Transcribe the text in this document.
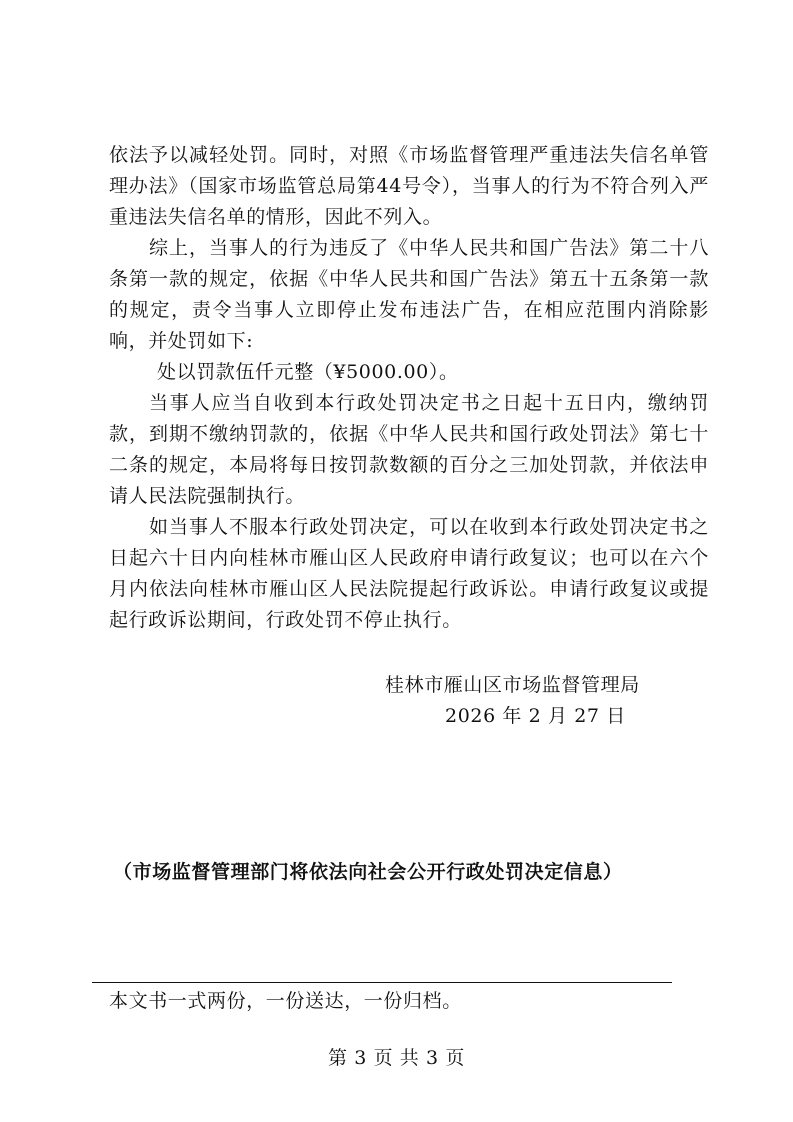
依法予以减轻处罚。同时，对照《市场监督管理严重违法失信名单管理办法》（国家市场监管总局第44号令），当事人的行为不符合列入严重违法失信名单的情形，因此不列入。

综上，当事人的行为违反了《中华人民共和国广告法》第二十八条第一款的规定，依据《中华人民共和国广告法》第五十五条第一款的规定，责令当事人立即停止发布违法广告，在相应范围内消除影响，并处罚如下:

处以罚款伍仟元整（¥5000.00）。

当事人应当自收到本行政处罚决定书之日起十五日内，缴纳罚款，到期不缴纳罚款的，依据《中华人民共和国行政处罚法》第七十二条的规定，本局将每日按罚款数额的百分之三加处罚款，并依法申请人民法院强制执行。

如当事人不服本行政处罚决定，可以在收到本行政处罚决定书之日起六十日内向桂林市雁山区人民政府申请行政复议；也可以在六个月内依法向桂林市雁山区人民法院提起行政诉讼。申请行政复议或提起行政诉讼期间，行政处罚不停止执行。

桂林市雁山区市场监督管理局
2026 年 2 月 27 日
（市场监督管理部门将依法向社会公开行政处罚决定信息）
本文书一式两份，一份送达，一份归档。
第 3 页 共 3 页
